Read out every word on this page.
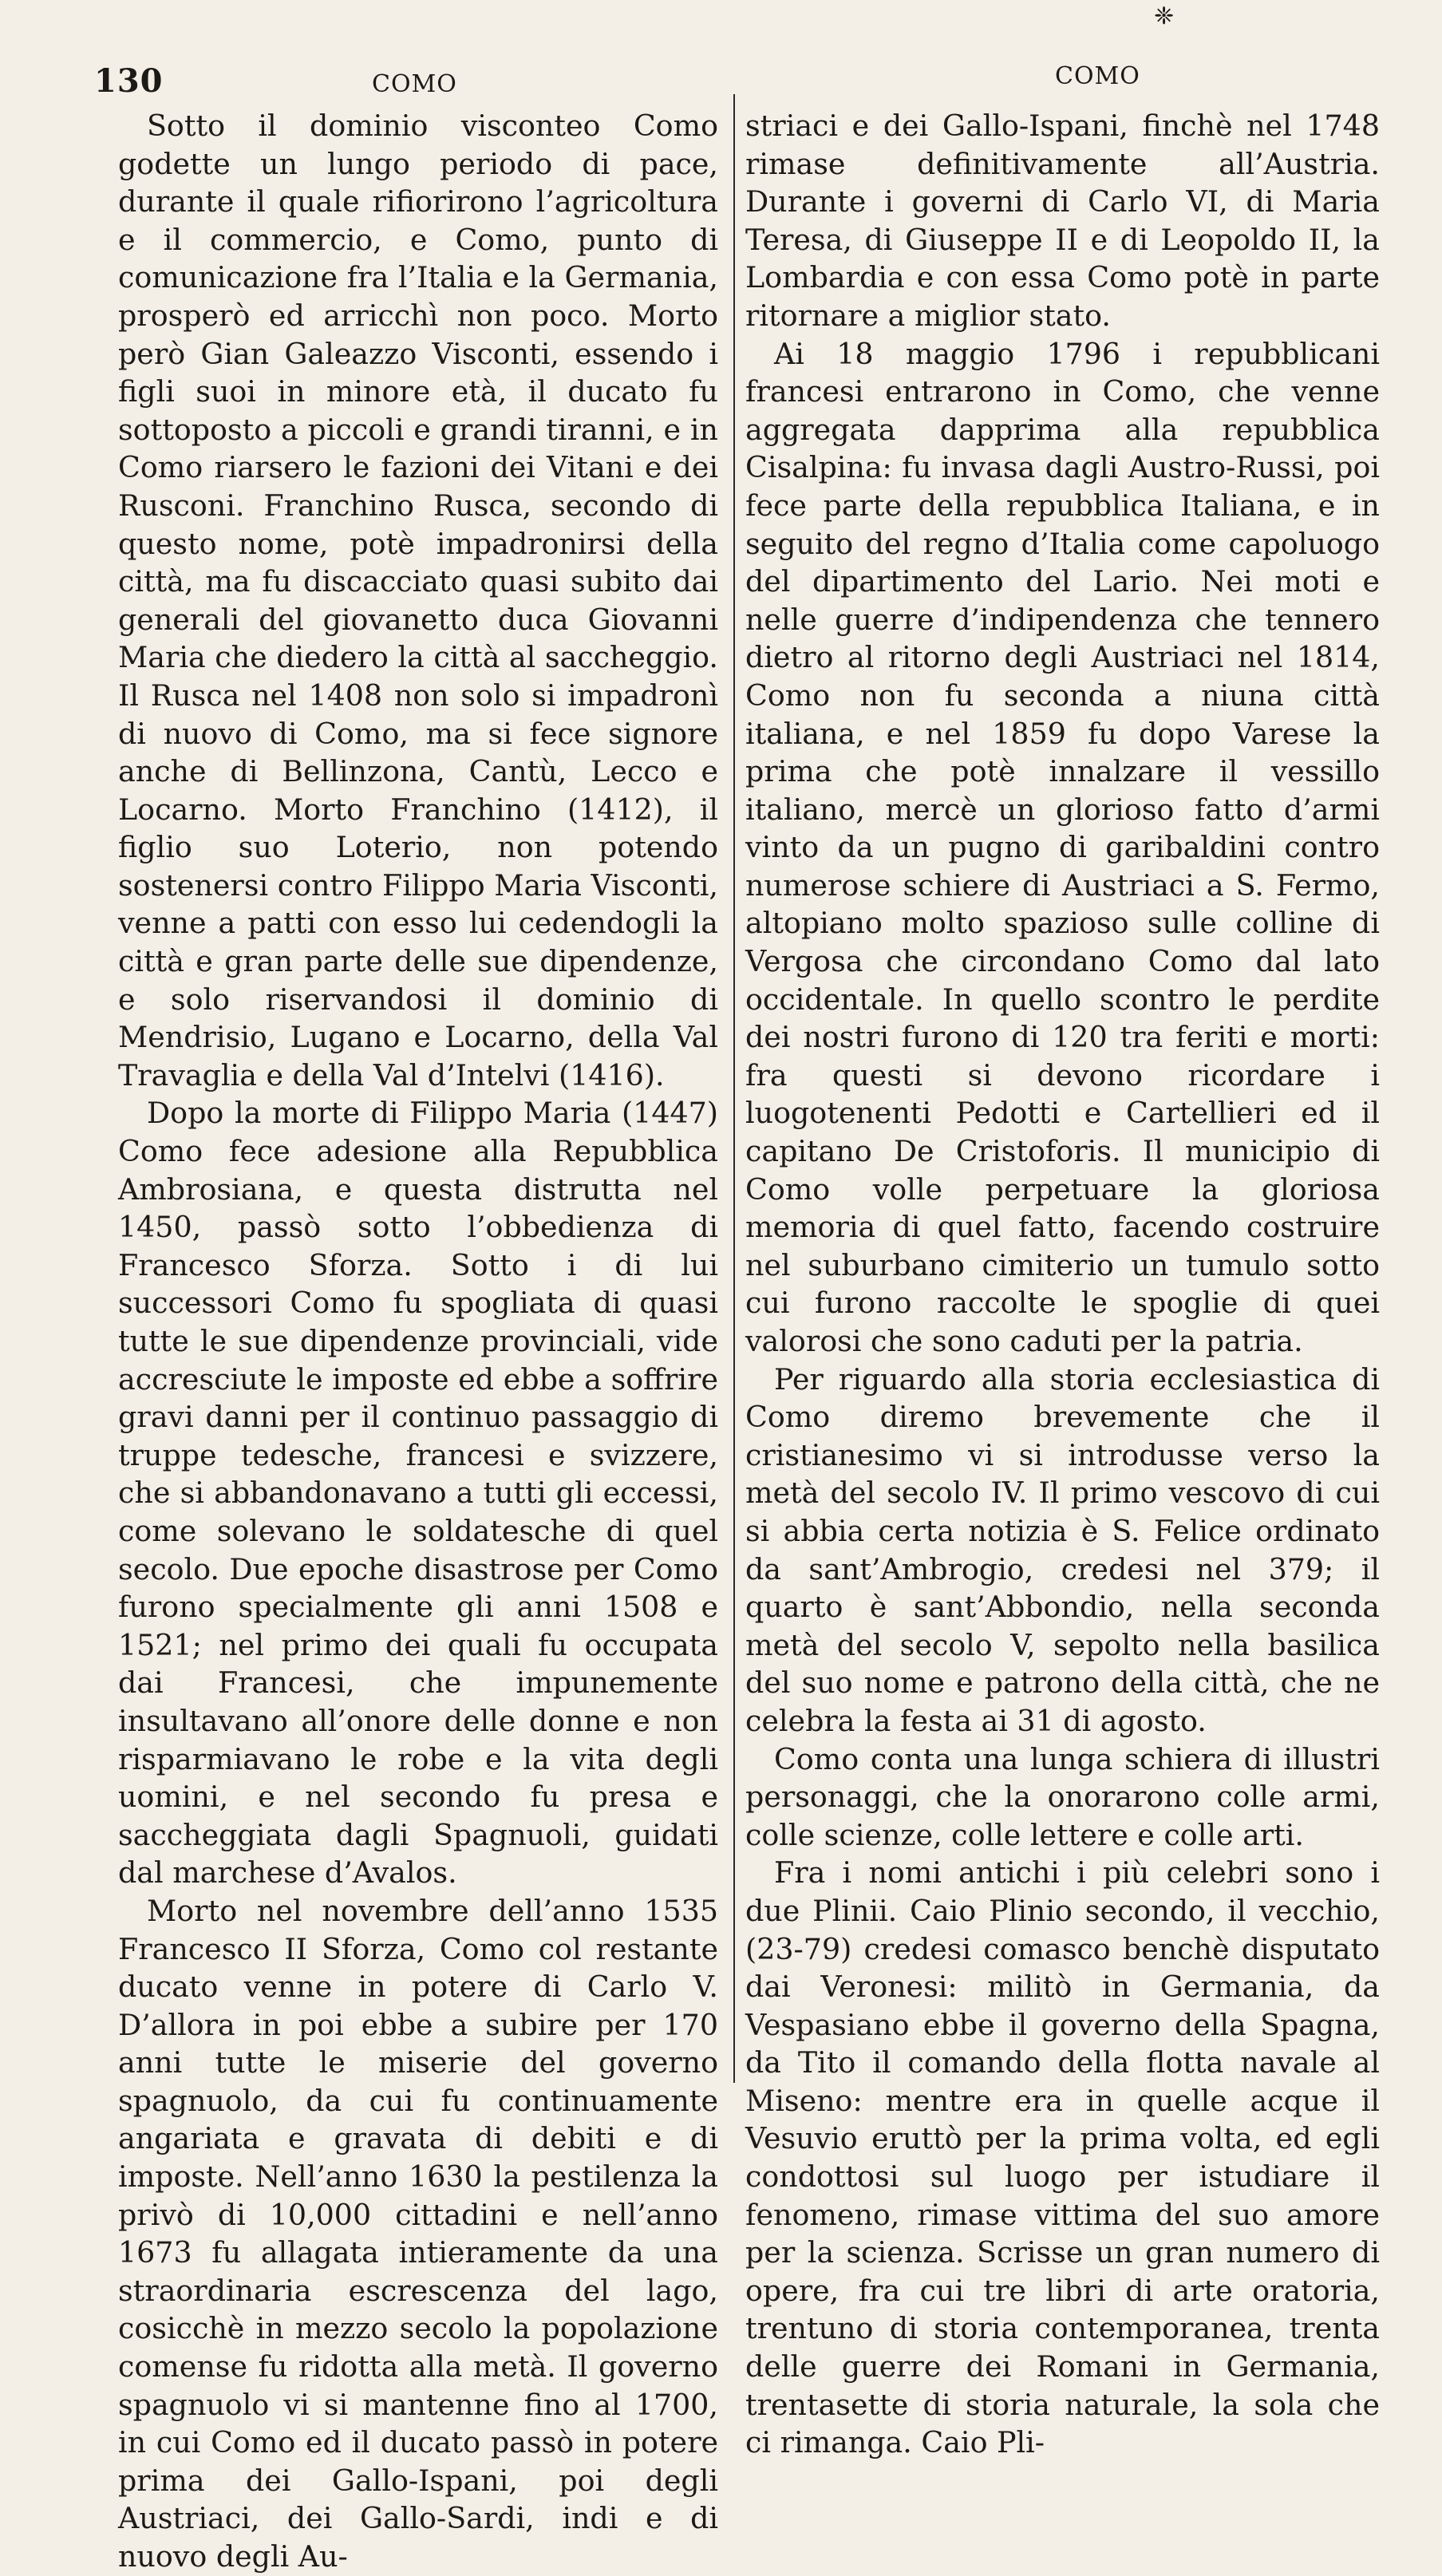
❈
130	COMO

Sotto il dominio visconteo Como godette un lungo periodo di pace, durante il quale rifiorirono l’agricoltura e il commercio, e Como, punto di comunicazione fra l’Italia e la Germania, prosperò ed arricchì non poco. Morto però Gian Galeazzo Visconti, essendo i figli suoi in minore età, il ducato fu sottoposto a piccoli e grandi tiranni, e in Como riarsero le fazioni dei Vitani e dei Rusconi. Franchino Rusca, secondo di questo nome, potè impadronirsi della città, ma fu discacciato quasi subito dai generali del giovanetto duca Giovanni Maria che diedero la città al saccheggio. Il Rusca nel 1408 non solo si impadronì di nuovo di Como, ma si fece signore anche di Bellinzona, Cantù, Lecco e Locarno. Morto Franchino (1412), il figlio suo Loterio, non potendo sostenersi contro Filippo Maria Visconti, venne a patti con esso lui cedendogli la città e gran parte delle sue dipendenze, e solo riservandosi il dominio di Mendrisio, Lugano e Locarno, della Val Travaglia e della Val d’Intelvi (1416).

Dopo la morte di Filippo Maria (1447) Como fece adesione alla Repubblica Ambrosiana, e questa distrutta nel 1450, passò sotto l’obbedienza di Francesco Sforza. Sotto i di lui successori Como fu spogliata di quasi tutte le sue dipendenze provinciali, vide accresciute le imposte ed ebbe a soffrire gravi danni per il continuo passaggio di truppe tedesche, francesi e svizzere, che si abbandonavano a tutti gli eccessi, come solevano le soldatesche di quel secolo. Due epoche disastrose per Como furono specialmente gli anni 1508 e 1521; nel primo dei quali fu occupata dai Francesi, che impunemente insultavano all’onore delle donne e non risparmiavano le robe e la vita degli uomini, e nel secondo fu presa e saccheggiata dagli Spagnuoli, guidati dal marchese d’Avalos.

Morto nel novembre dell’anno 1535 Francesco II Sforza, Como col restante ducato venne in potere di Carlo V. D’allora in poi ebbe a subire per 170 anni tutte le miserie del governo spagnuolo, da cui fu continuamente angariata e gravata di debiti e di imposte. Nell’anno 1630 la pestilenza la privò di 10,000 cittadini e nell’anno 1673 fu allagata intieramente da una straordinaria escrescenza del lago, cosicchè in mezzo secolo la popolazione comense fu ridotta alla metà. Il governo spagnuolo vi si mantenne fino al 1700, in cui Como ed il ducato passò in potere prima dei Gallo-Ispani, poi degli Austriaci, dei Gallo-Sardi, indi e di nuovo degli Au-

COMO

striaci e dei Gallo-Ispani, finchè nel 1748 rimase definitivamente all’Austria. Durante i governi di Carlo VI, di Maria Teresa, di Giuseppe II e di Leopoldo II, la Lombardia e con essa Como potè in parte ritornare a miglior stato.

Ai 18 maggio 1796 i repubblicani francesi entrarono in Como, che venne aggregata dapprima alla repubblica Cisalpina: fu invasa dagli Austro-Russi, poi fece parte della repubblica Italiana, e in seguito del regno d’Italia come capoluogo del dipartimento del Lario. Nei moti e nelle guerre d’indipendenza che tennero dietro al ritorno degli Austriaci nel 1814, Como non fu seconda a niuna città italiana, e nel 1859 fu dopo Varese la prima che potè innalzare il vessillo italiano, mercè un glorioso fatto d’armi vinto da un pugno di garibaldini contro numerose schiere di Austriaci a S. Fermo, altopiano molto spazioso sulle colline di Vergosa che circondano Como dal lato occidentale. In quello scontro le perdite dei nostri furono di 120 tra feriti e morti: fra questi si devono ricordare i luogotenenti Pedotti e Cartellieri ed il capitano De Cristoforis. Il municipio di Como volle perpetuare la gloriosa memoria di quel fatto, facendo costruire nel suburbano cimiterio un tumulo sotto cui furono raccolte le spoglie di quei valorosi che sono caduti per la patria.

Per riguardo alla storia ecclesiastica di Como diremo brevemente che il cristianesimo vi si introdusse verso la metà del secolo IV. Il primo vescovo di cui si abbia certa notizia è S. Felice ordinato da sant’Ambrogio, credesi nel 379; il quarto è sant’Abbondio, nella seconda metà del secolo V, sepolto nella basilica del suo nome e patrono della città, che ne celebra la festa ai 31 di agosto.

Como conta una lunga schiera di illustri personaggi, che la onorarono colle armi, colle scienze, colle lettere e colle arti.

Fra i nomi antichi i più celebri sono i due Plinii. Caio Plinio secondo, il vecchio, (23-79) credesi comasco benchè disputato dai Veronesi: militò in Germania, da Vespasiano ebbe il governo della Spagna, da Tito il comando della flotta navale al Miseno: mentre era in quelle acque il Vesuvio eruttò per la prima volta, ed egli condottosi sul luogo per istudiare il fenomeno, rimase vittima del suo amore per la scienza. Scrisse un gran numero di opere, fra cui tre libri di arte oratoria, trentuno di storia contemporanea, trenta delle guerre dei Romani in Germania, trentasette di storia naturale, la sola che ci rimanga. Caio Pli-
